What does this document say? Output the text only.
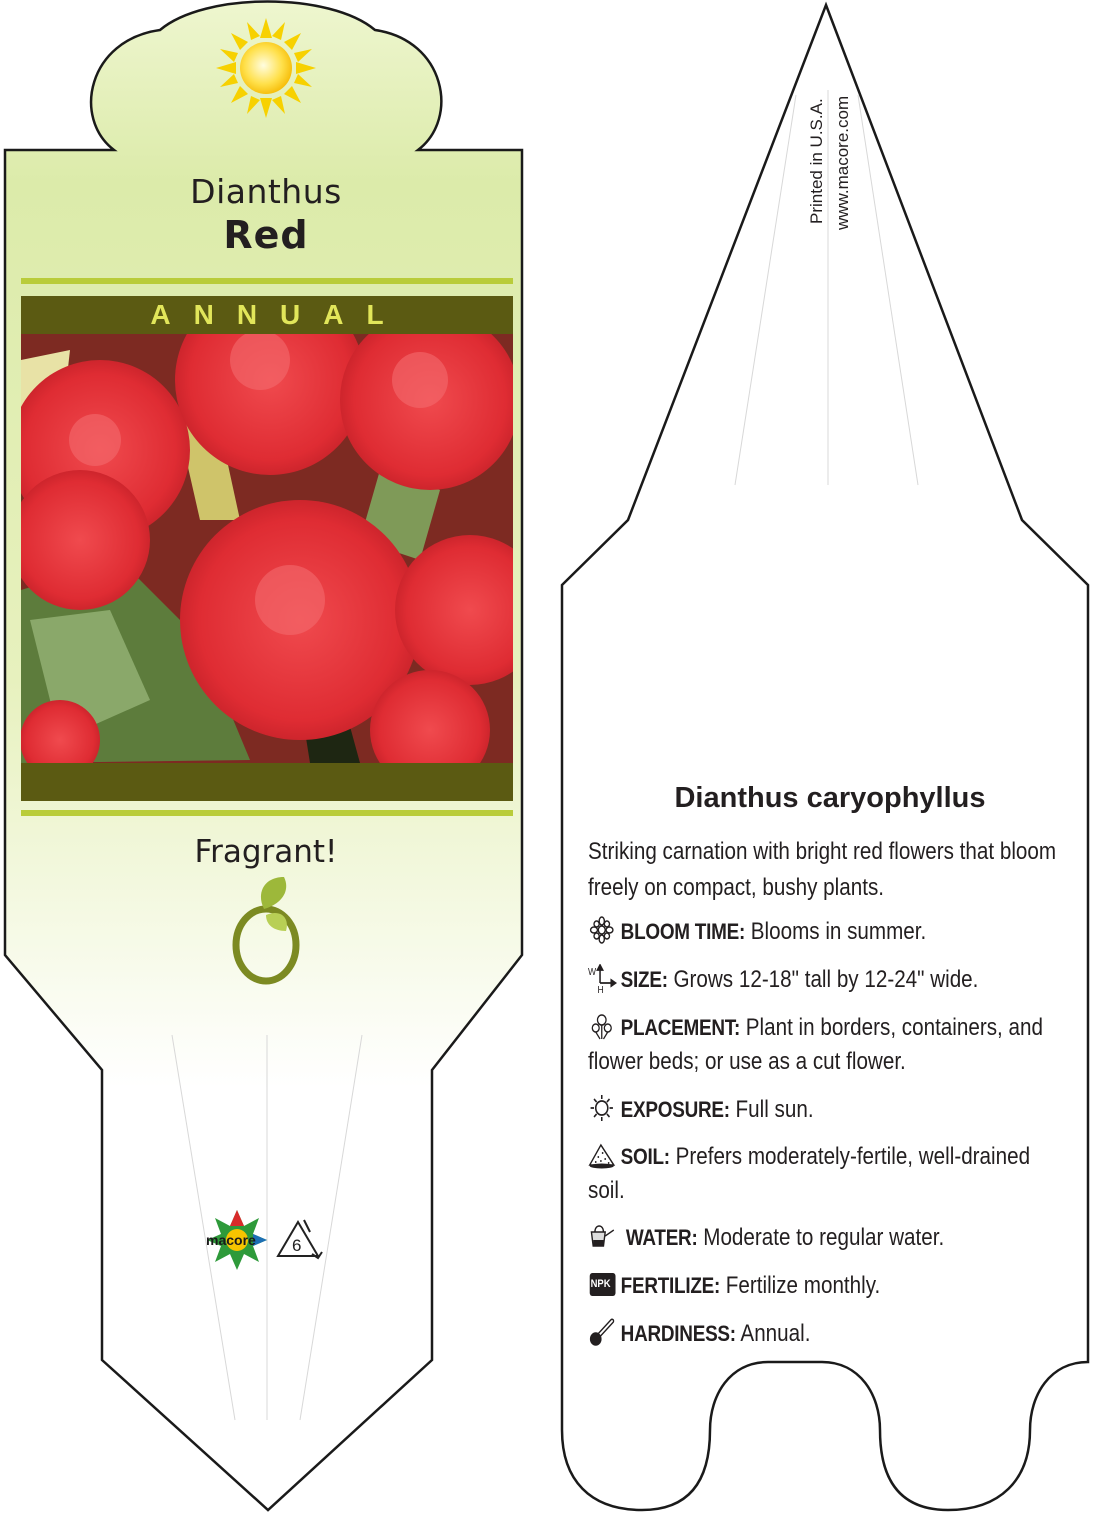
Dianthus
Red
ANNUAL
Fragrant!
macore 6
Printed in U.S.A. www.macore.com
Dianthus caryophyllus
Striking carnation with bright red flowers that bloom freely on compact, bushy plants.
BLOOM TIME: Blooms in summer.
W
H SIZE: Grows 12-18" tall by 12-24" wide.
PLACEMENT: Plant in borders, containers, and flower beds; or use as a cut flower.
EXPOSURE: Full sun.
SOIL: Prefers moderately-fertile, well-drained soil.
WATER: Moderate to regular water.
NPK FERTILIZE: Fertilize monthly.
HARDINESS: Annual.
